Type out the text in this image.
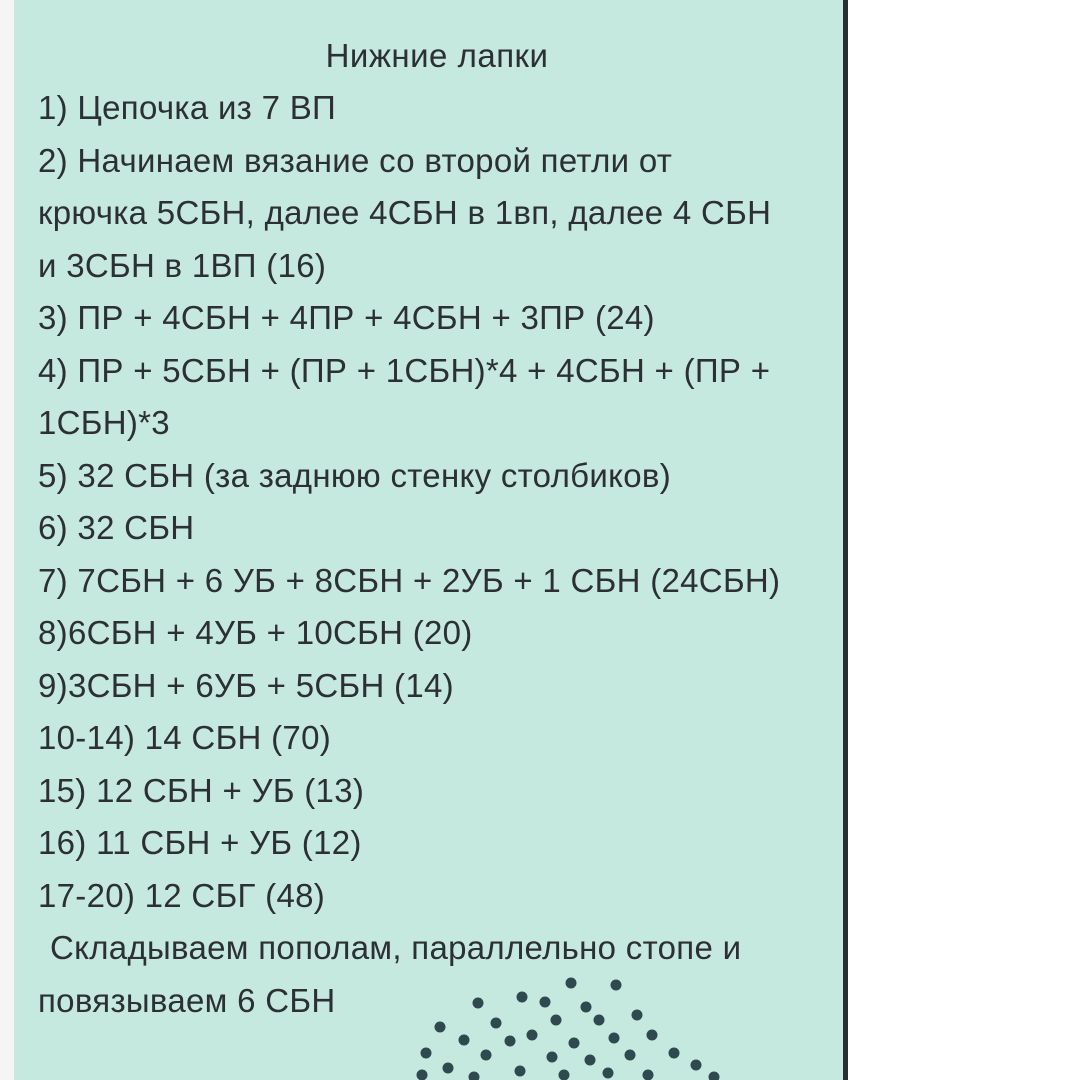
Нижние лапки
1) Цепочка из 7 ВП
2) Начинаем вязание со второй петли от
крючка 5СБН, далее 4СБН в 1вп, далее 4 СБН
и 3СБН в 1ВП (16)
3) ПР + 4СБН + 4ПР + 4СБН + 3ПР (24)
4) ПР + 5СБН + (ПР + 1СБН)*4 + 4СБН + (ПР +
1СБН)*3
5) 32 СБН (за заднюю стенку столбиков)
6) 32 СБН
7) 7СБН + 6 УБ + 8СБН + 2УБ + 1 СБН (24СБН)
8)6СБН + 4УБ + 10СБН (20)
9)3СБН + 6УБ + 5СБН (14)
10-14) 14 СБН (70)
15) 12 СБН + УБ (13)
16) 11 СБН + УБ (12)
17-20) 12 СБГ (48)
Складываем пополам, параллельно стопе и
повязываем 6 СБН
